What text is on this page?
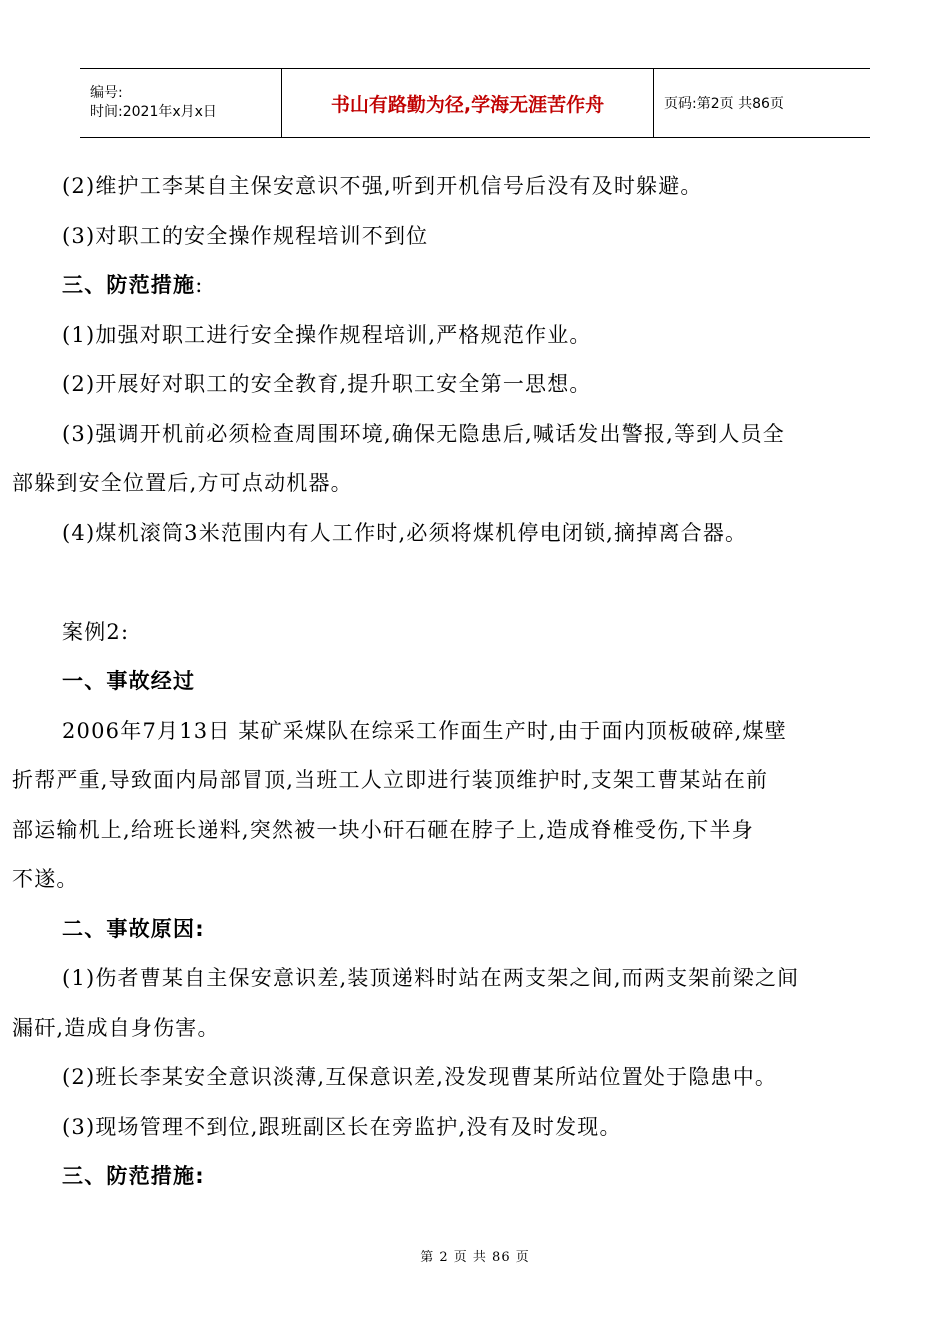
编号:
时间:2021年x月x日	书山有路勤为径,学海无涯苦作舟	页码:第2页 共86页

(2)维护工李某自主保安意识不强,听到开机信号后没有及时躲避。

(3)对职工的安全操作规程培训不到位

三、防范措施:

(1)加强对职工进行安全操作规程培训,严格规范作业。

(2)开展好对职工的安全教育,提升职工安全第一思想。

(3)强调开机前必须检查周围环境,确保无隐患后,喊话发出警报,等到人员全

部躲到安全位置后,方可点动机器。

(4)煤机滚筒3米范围内有人工作时,必须将煤机停电闭锁,摘掉离合器。

案例2:

一、事故经过

2006年7月13日 某矿采煤队在综采工作面生产时,由于面内顶板破碎,煤壁

折帮严重,导致面内局部冒顶,当班工人立即进行装顶维护时,支架工曹某站在前

部运输机上,给班长递料,突然被一块小矸石砸在脖子上,造成脊椎受伤,下半身

不遂。

二、事故原因:

(1)伤者曹某自主保安意识差,装顶递料时站在两支架之间,而两支架前梁之间

漏矸,造成自身伤害。

(2)班长李某安全意识淡薄,互保意识差,没发现曹某所站位置处于隐患中。

(3)现场管理不到位,跟班副区长在旁监护,没有及时发现。

三、防范措施:

第 2 页 共 86 页
